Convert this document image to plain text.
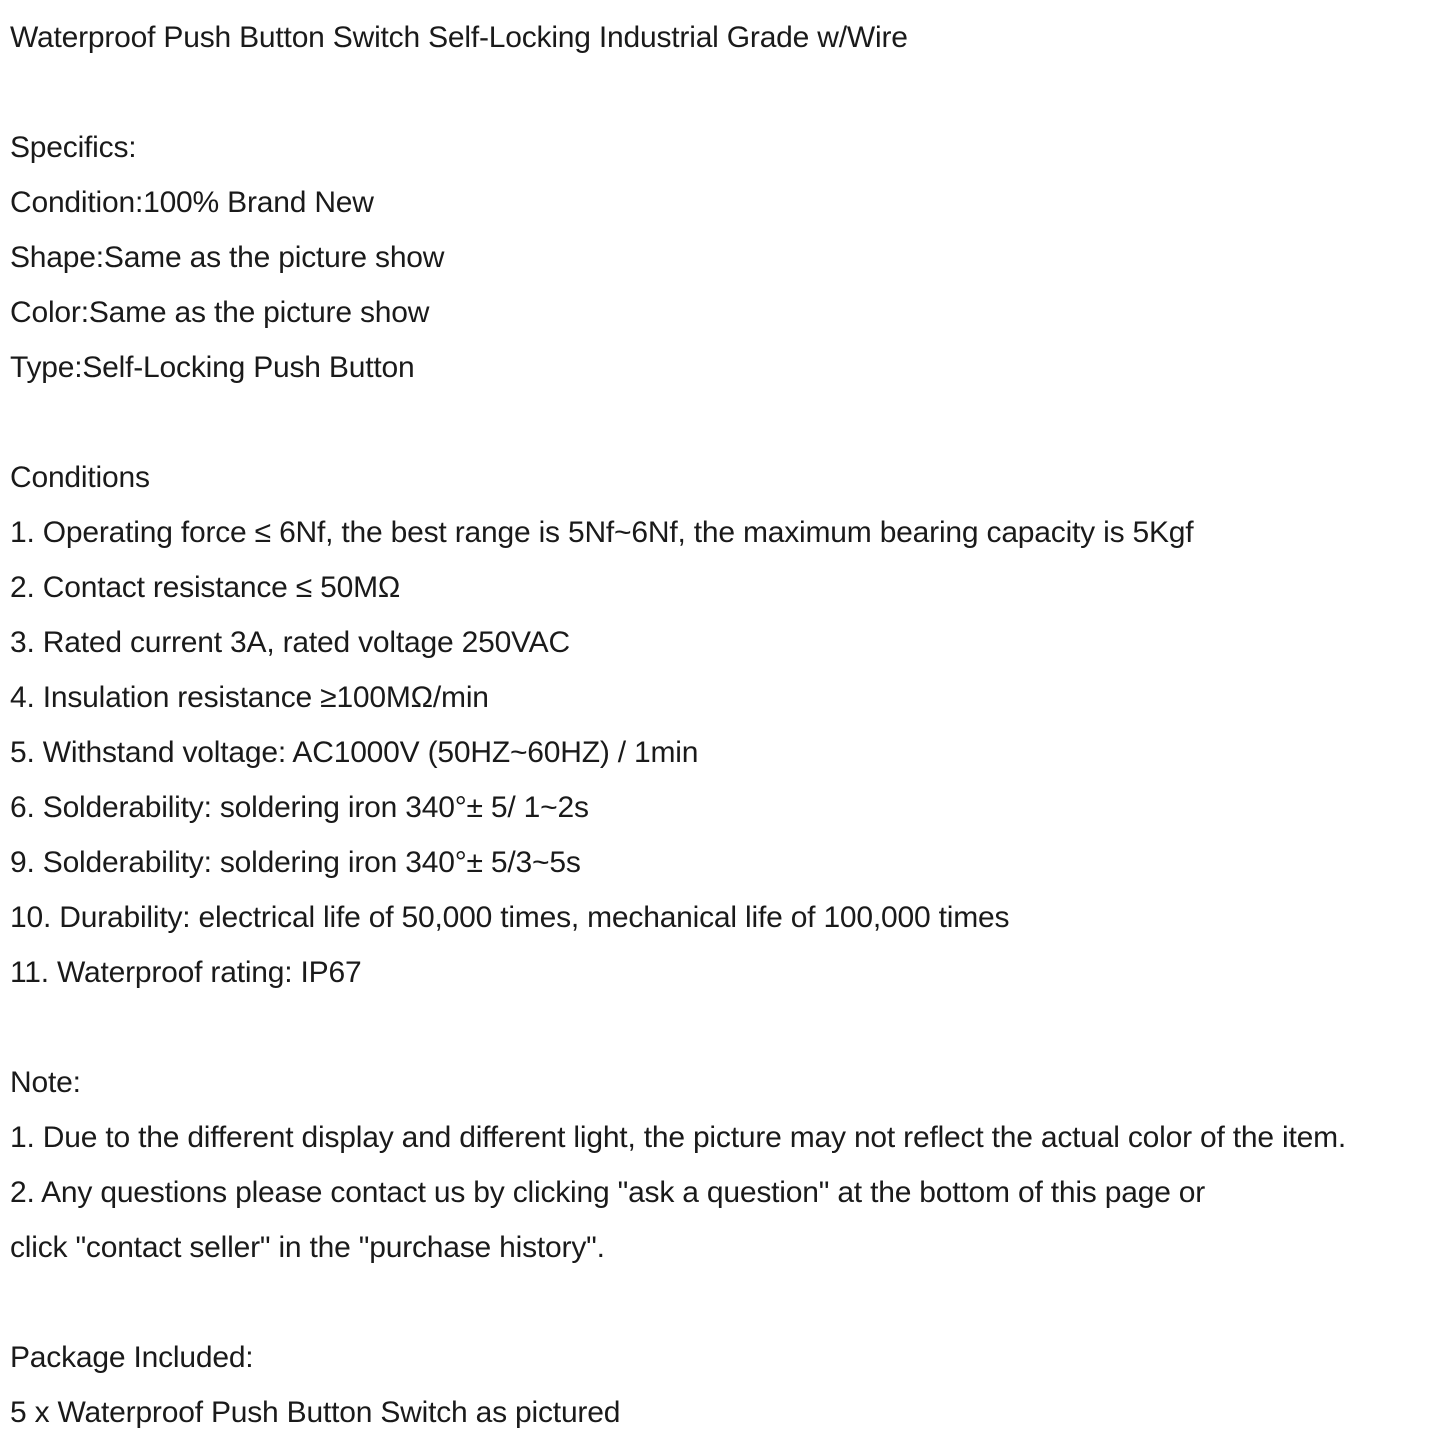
Waterproof Push Button Switch Self-Locking Industrial Grade w/Wire
Specifics:
Condition:100% Brand New
Shape:Same as the picture show
Color:Same as the picture show
Type:Self-Locking Push Button
Conditions
1. Operating force ≤ 6Nf, the best range is 5Nf~6Nf, the maximum bearing capacity is 5Kgf
2. Contact resistance ≤ 50MΩ
3. Rated current 3A, rated voltage 250VAC
4. Insulation resistance ≥100MΩ/min
5. Withstand voltage: AC1000V (50HZ~60HZ) / 1min
6. Solderability: soldering iron 340°± 5/ 1~2s
9. Solderability: soldering iron 340°± 5/3~5s
10. Durability: electrical life of 50,000 times, mechanical life of 100,000 times
11. Waterproof rating: IP67
Note:
1. Due to the different display and different light, the picture may not reflect the actual color of the item.
2. Any questions please contact us by clicking "ask a question" at the bottom of this page or
click "contact seller" in the "purchase history".
Package Included:
5 x Waterproof Push Button Switch as pictured
